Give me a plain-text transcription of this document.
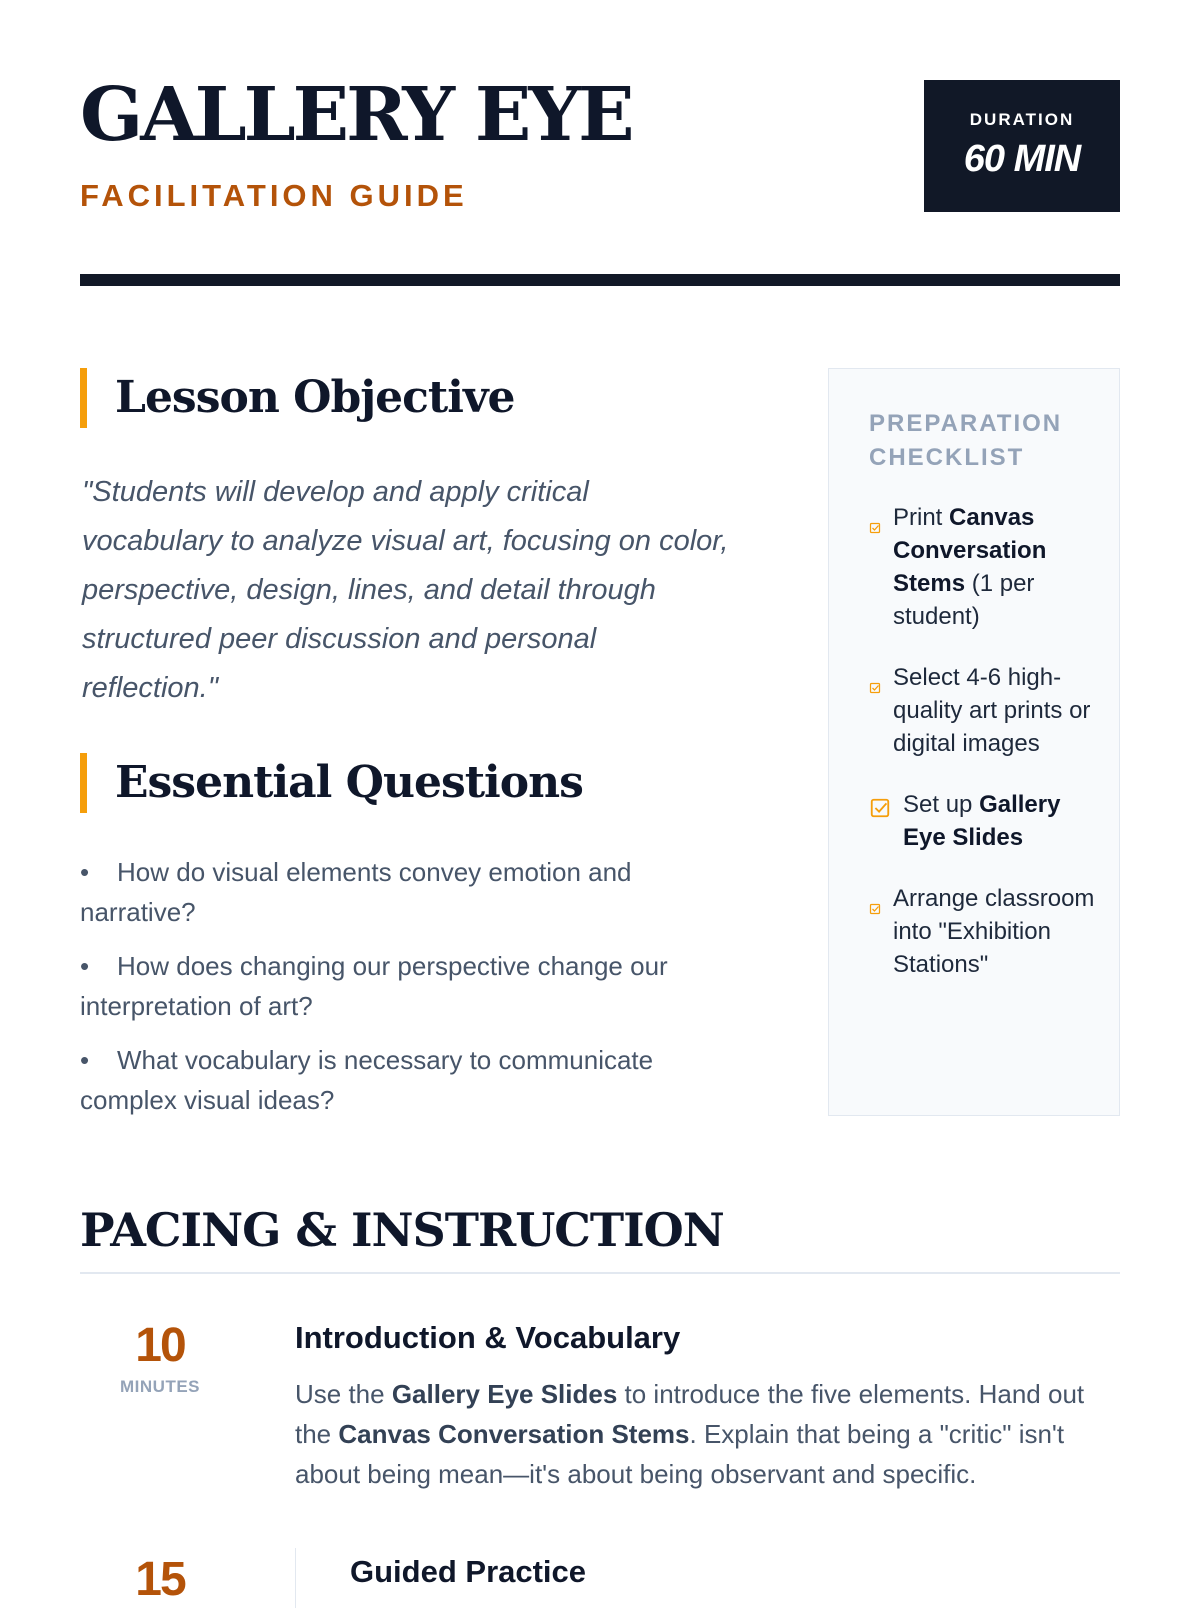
GALLERY EYE
FACILITATION GUIDE
DURATION
60 MIN
Lesson Objective

"Students will develop and apply critical vocabulary to analyze visual art, focusing on color, perspective, design, lines, and detail through structured peer discussion and personal reflection."

Essential Questions
• How do visual elements convey emotion and narrative?
• How does changing our perspective change our interpretation of art?
• What vocabulary is necessary to communicate complex visual ideas?
PREPARATION CHECKLIST
Print Canvas Conversation Stems (1 per student)
Select 4-6 high-quality art prints or digital images
Set up Gallery Eye Slides
Arrange classroom into "Exhibition Stations"
PACING & INSTRUCTION
10
MINUTES
Introduction & Vocabulary

Use the Gallery Eye Slides to introduce the five elements. Hand out the Canvas Conversation Stems. Explain that being a "critic" isn't about being mean—it's about being observant and specific.

15	Guided Practice
